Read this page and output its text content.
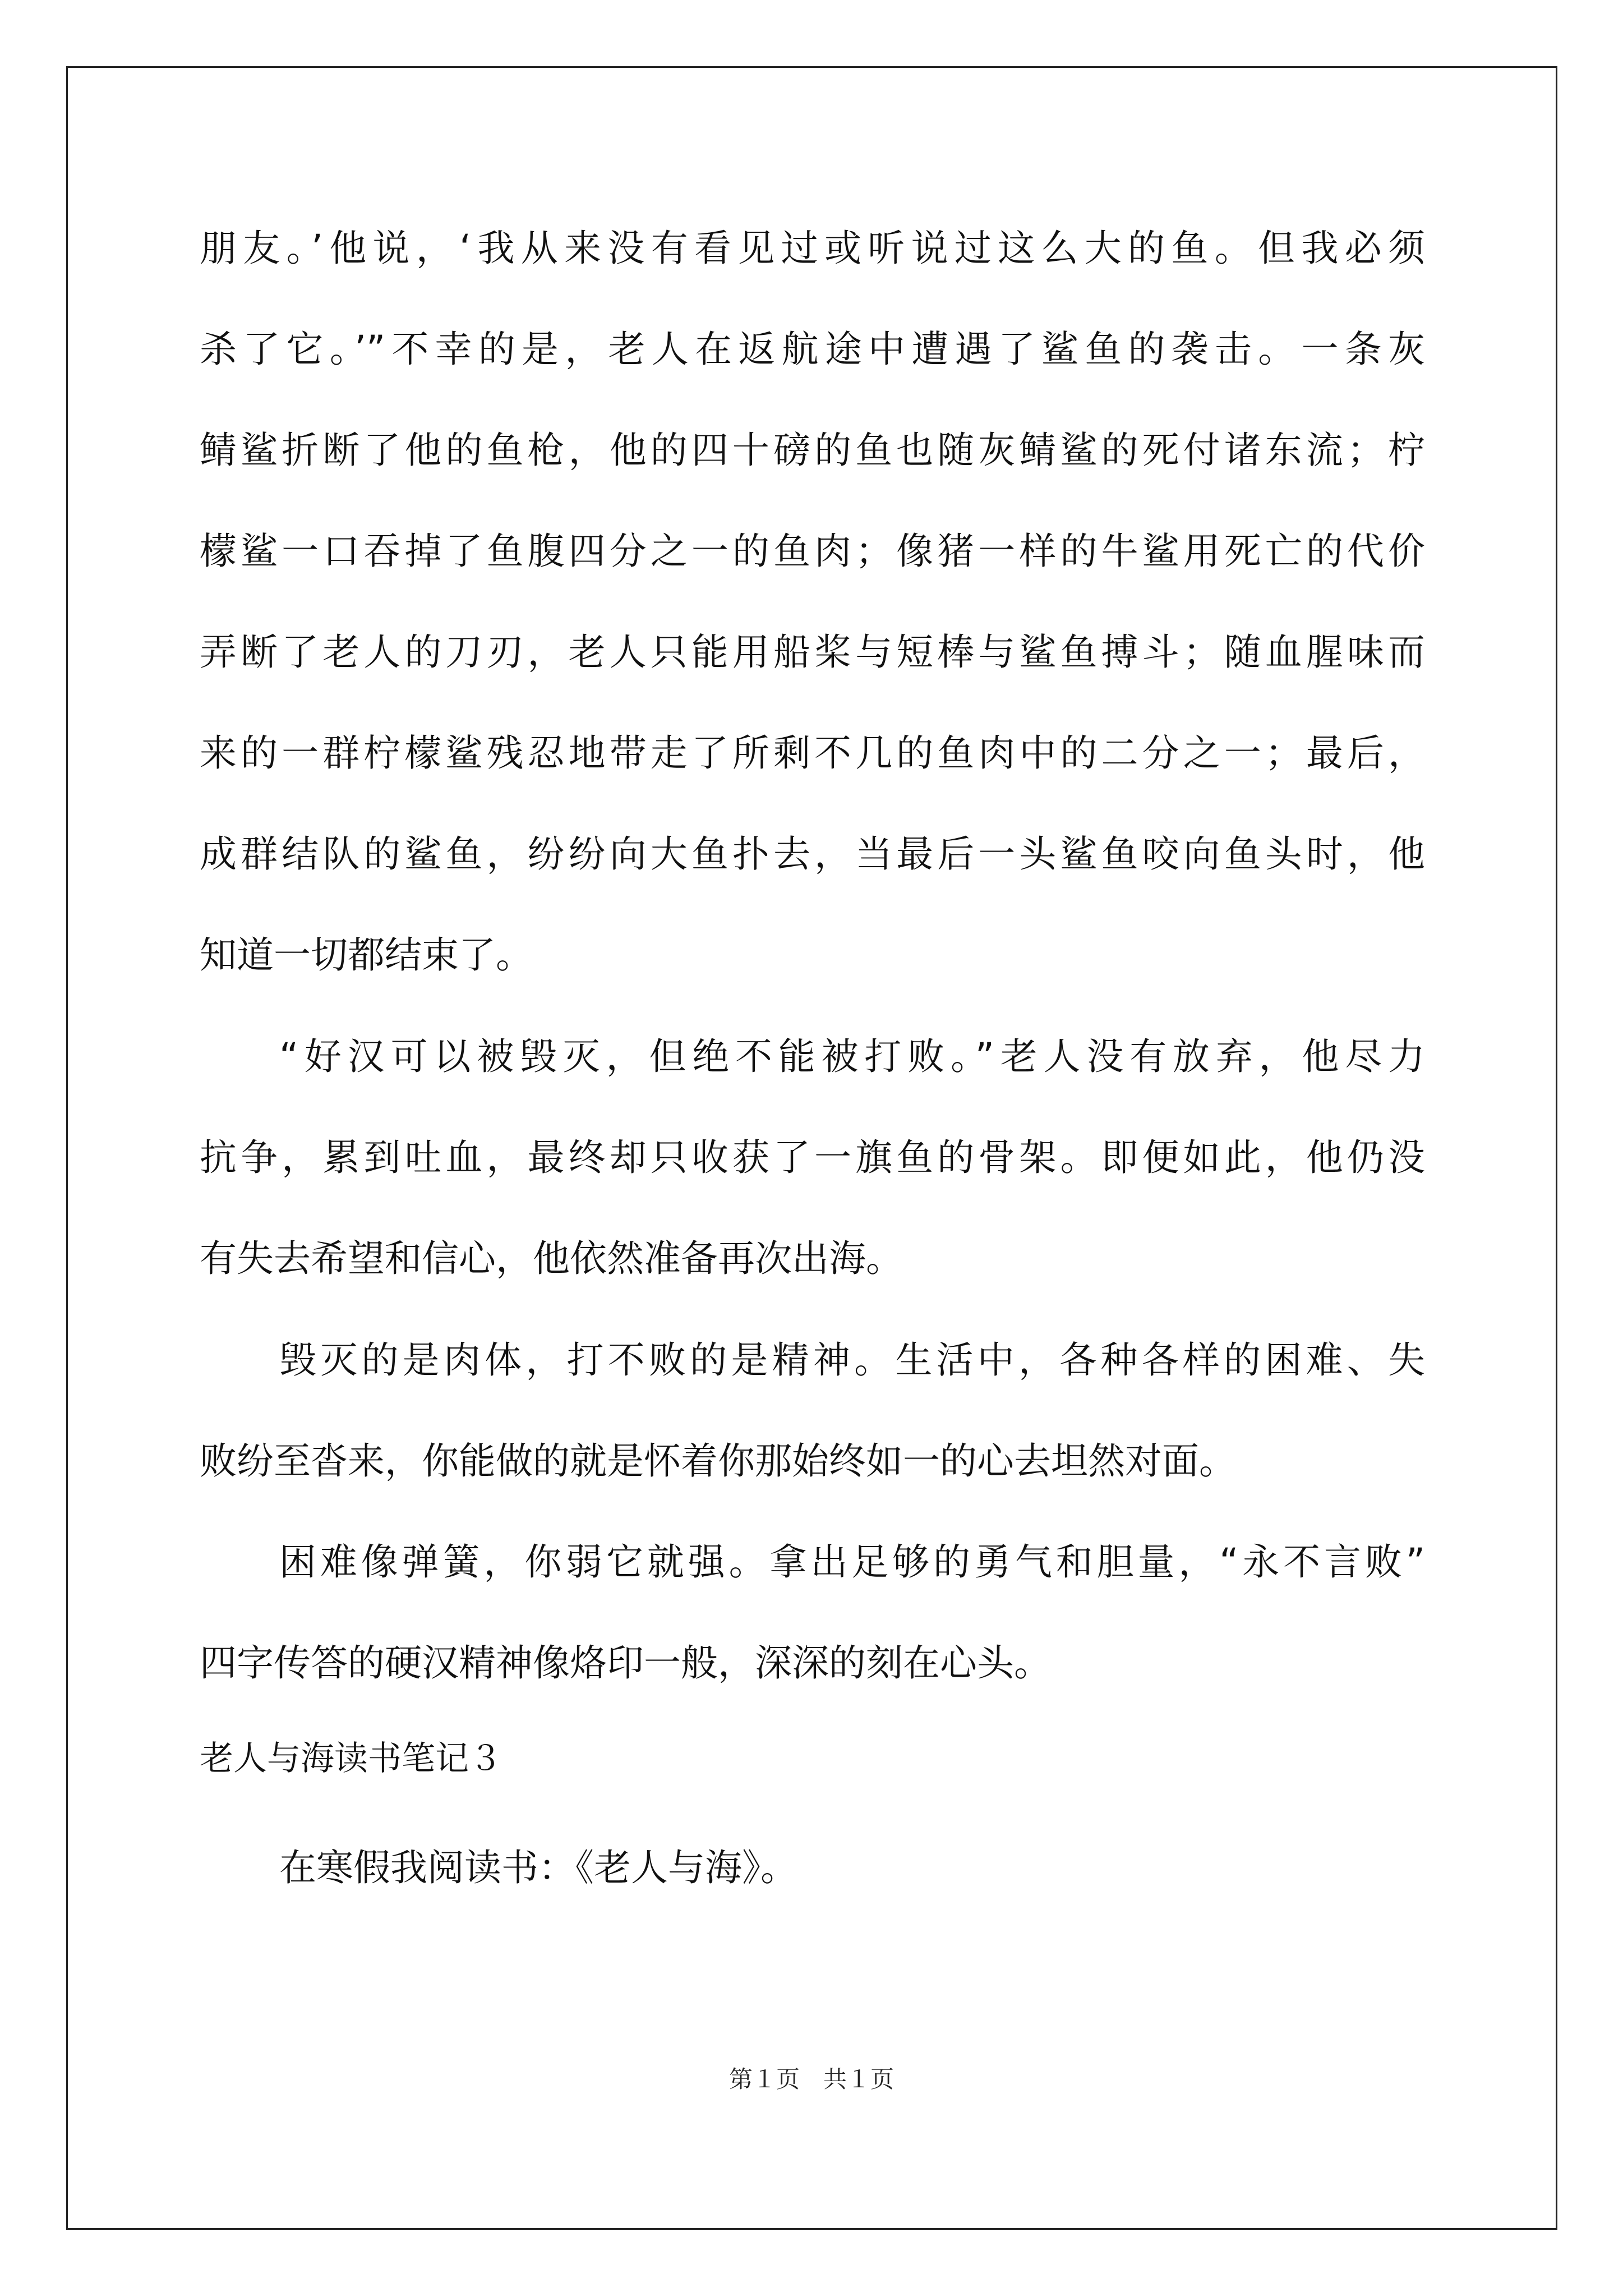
朋友。’他说，‘我从来没有看见过或听说过这么大的鱼。但我必须
杀了它。’”不幸的是，老人在返航途中遭遇了鲨鱼的袭击。一条灰
鲭鲨折断了他的鱼枪，他的四十磅的鱼也随灰鲭鲨的死付诸东流；柠
檬鲨一口吞掉了鱼腹四分之一的鱼肉；像猪一样的牛鲨用死亡的代价
弄断了老人的刀刃，老人只能用船桨与短棒与鲨鱼搏斗；随血腥味而
来的一群柠檬鲨残忍地带走了所剩不几的鱼肉中的二分之一；最后，
成群结队的鲨鱼，纷纷向大鱼扑去，当最后一头鲨鱼咬向鱼头时，他
知道一切都结束了。
“好汉可以被毁灭，但绝不能被打败。”老人没有放弃，他尽力
抗争，累到吐血，最终却只收获了一旗鱼的骨架。即便如此，他仍没
有失去希望和信心，他依然准备再次出海。
毁灭的是肉体，打不败的是精神。生活中，各种各样的困难、失
败纷至沓来，你能做的就是怀着你那始终如一的心去坦然对面。
困难像弹簧，你弱它就强。拿出足够的勇气和胆量，“永不言败”
四字传答的硬汉精神像烙印一般，深深的刻在心头。
老人与海读书笔记３
在寒假我阅读书：《老人与海》。
第１页　共１页
